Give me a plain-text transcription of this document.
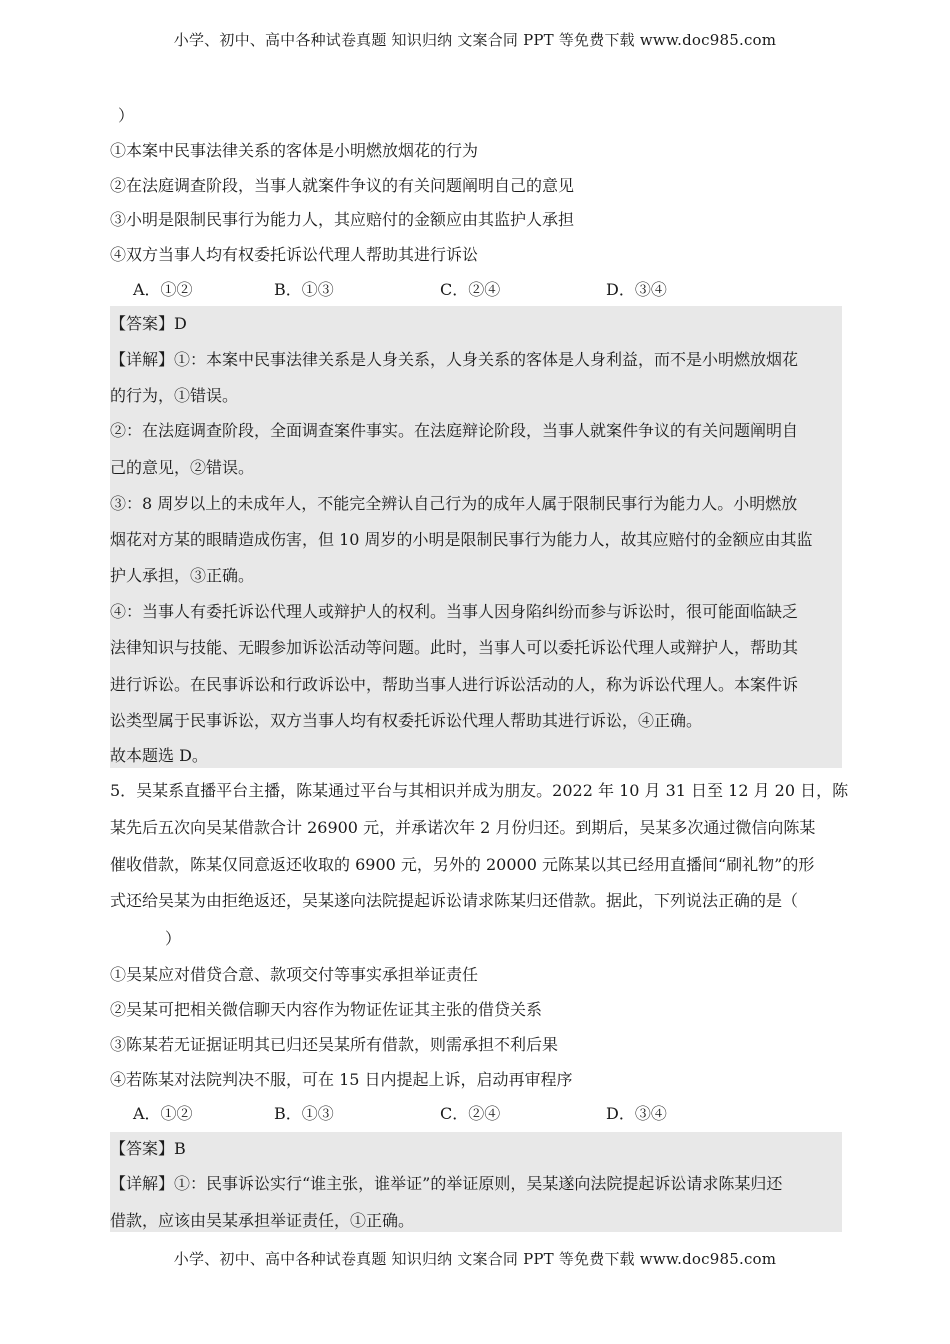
小学、初中、高中各种试卷真题 知识归纳 文案合同 PPT 等免费下载 www.doc985.com
）
①本案中民事法律关系的客体是小明燃放烟花的行为
②在法庭调查阶段，当事人就案件争议的有关问题阐明自己的意见
③小明是限制民事行为能力人，其应赔付的金额应由其监护人承担
④双方当事人均有权委托诉讼代理人帮助其进行诉讼
A．①②	B．①③	C．②④	D．③④
【答案】D
【详解】①：本案中民事法律关系是人身关系，人身关系的客体是人身利益，而不是小明燃放烟花
的行为，①错误。
②：在法庭调查阶段，全面调查案件事实。在法庭辩论阶段，当事人就案件争议的有关问题阐明自
己的意见，②错误。
③：8 周岁以上的未成年人，不能完全辨认自己行为的成年人属于限制民事行为能力人。小明燃放
烟花对方某的眼睛造成伤害，但 10 周岁的小明是限制民事行为能力人，故其应赔付的金额应由其监
护人承担，③正确。
④：当事人有委托诉讼代理人或辩护人的权利。当事人因身陷纠纷而参与诉讼时，很可能面临缺乏
法律知识与技能、无暇参加诉讼活动等问题。此时，当事人可以委托诉讼代理人或辩护人，帮助其
进行诉讼。在民事诉讼和行政诉讼中，帮助当事人进行诉讼活动的人，称为诉讼代理人。本案件诉
讼类型属于民事诉讼，双方当事人均有权委托诉讼代理人帮助其进行诉讼，④正确。
故本题选 D。
5．吴某系直播平台主播，陈某通过平台与其相识并成为朋友。2022 年 10 月 31 日至 12 月 20 日，陈
某先后五次向吴某借款合计 26900 元，并承诺次年 2 月份归还。到期后，吴某多次通过微信向陈某
催收借款，陈某仅同意返还收取的 6900 元，另外的 20000 元陈某以其已经用直播间“刷礼物”的形
式还给吴某为由拒绝返还，吴某遂向法院提起诉讼请求陈某归还借款。据此，下列说法正确的是（
）
①吴某应对借贷合意、款项交付等事实承担举证责任
②吴某可把相关微信聊天内容作为物证佐证其主张的借贷关系
③陈某若无证据证明其已归还吴某所有借款，则需承担不利后果
④若陈某对法院判决不服，可在 15 日内提起上诉，启动再审程序
A．①②	B．①③	C．②④	D．③④
【答案】B
【详解】①：民事诉讼实行“谁主张，谁举证”的举证原则，吴某遂向法院提起诉讼请求陈某归还
借款，应该由吴某承担举证责任，①正确。
小学、初中、高中各种试卷真题 知识归纳 文案合同 PPT 等免费下载 www.doc985.com
